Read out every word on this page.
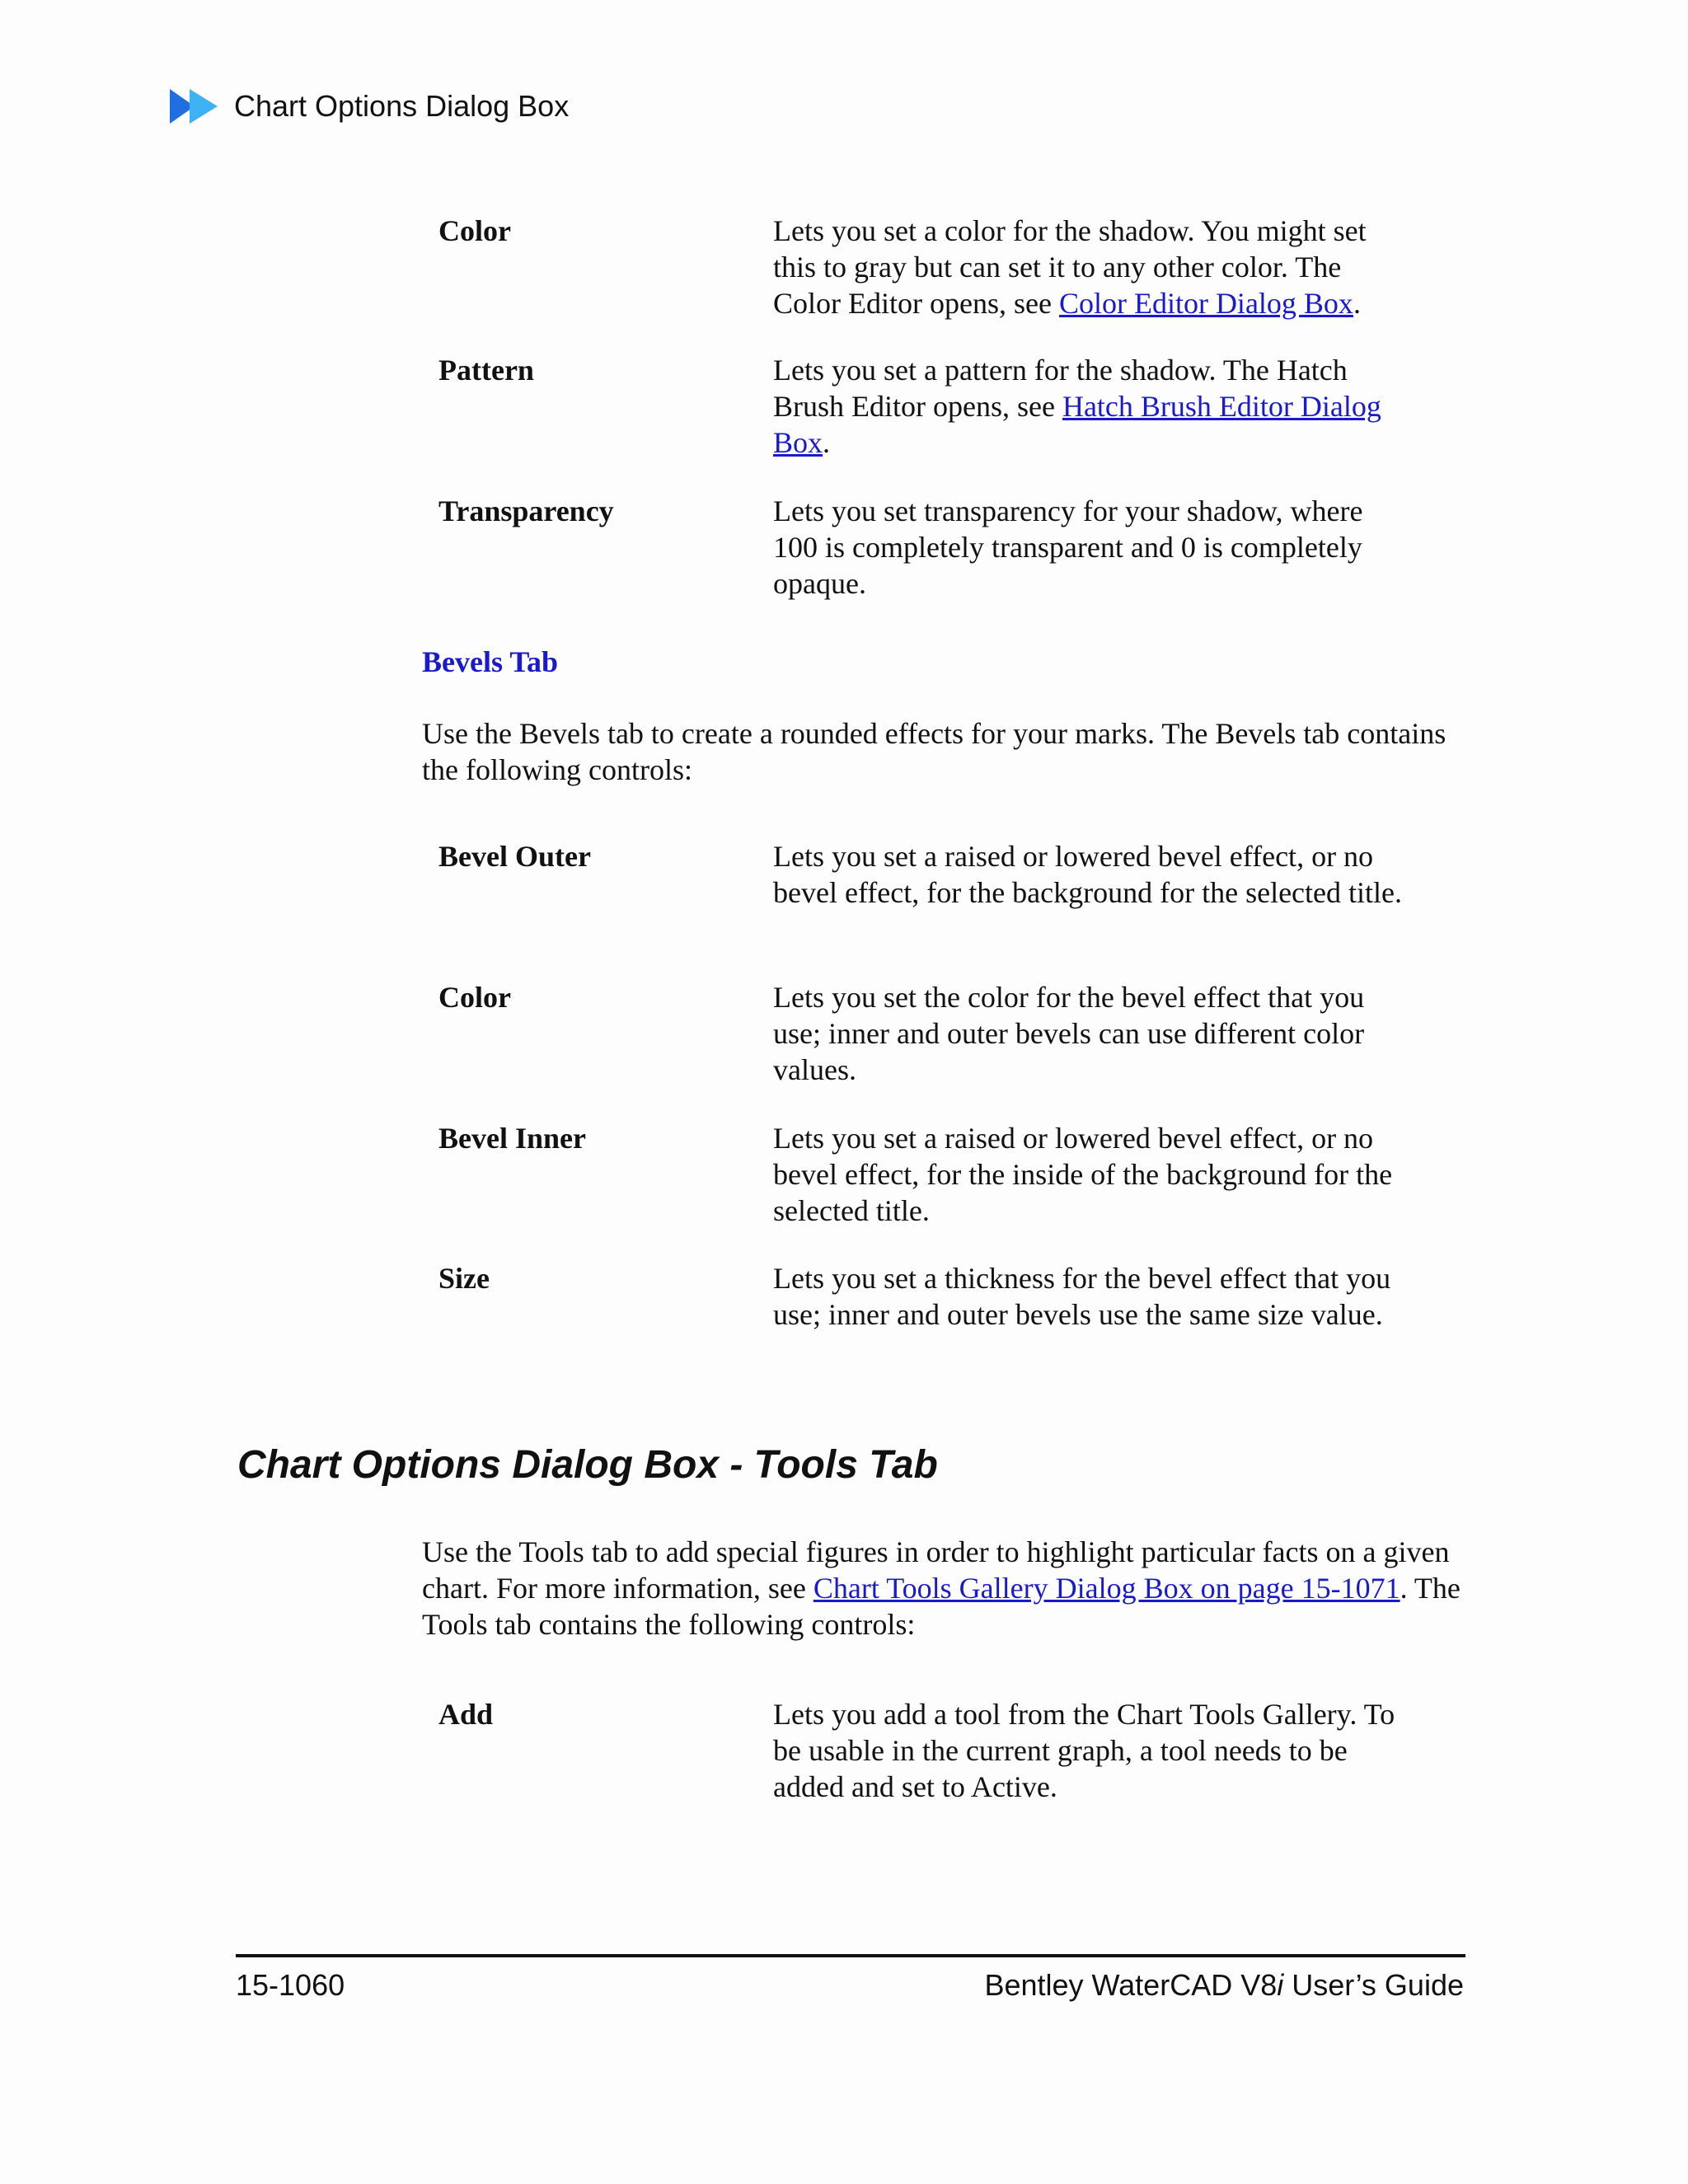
Chart Options Dialog Box
Color	Lets you set a color for the shadow. You might set this to gray but can set it to any other color. The Color Editor opens, see Color Editor Dialog Box.
Pattern	Lets you set a pattern for the shadow. The Hatch Brush Editor opens, see Hatch Brush Editor Dialog Box.
Transparency	Lets you set transparency for your shadow, where 100 is completely transparent and 0 is completely opaque.
Bevels Tab
Use the Bevels tab to create a rounded effects for your marks. The Bevels tab contains the following controls:
Bevel Outer	Lets you set a raised or lowered bevel effect, or no bevel effect, for the background for the selected title.
Color	Lets you set the color for the bevel effect that you use; inner and outer bevels can use different color values.
Bevel Inner	Lets you set a raised or lowered bevel effect, or no bevel effect, for the inside of the background for the selected title.
Size	Lets you set a thickness for the bevel effect that you use; inner and outer bevels use the same size value.
Chart Options Dialog Box - Tools Tab
Use the Tools tab to add special figures in order to highlight particular facts on a given chart. For more information, see Chart Tools Gallery Dialog Box on page 15-1071. The Tools tab contains the following controls:
Add	Lets you add a tool from the Chart Tools Gallery. To be usable in the current graph, a tool needs to be added and set to Active.
15-1060	Bentley WaterCAD V8i User’s Guide
